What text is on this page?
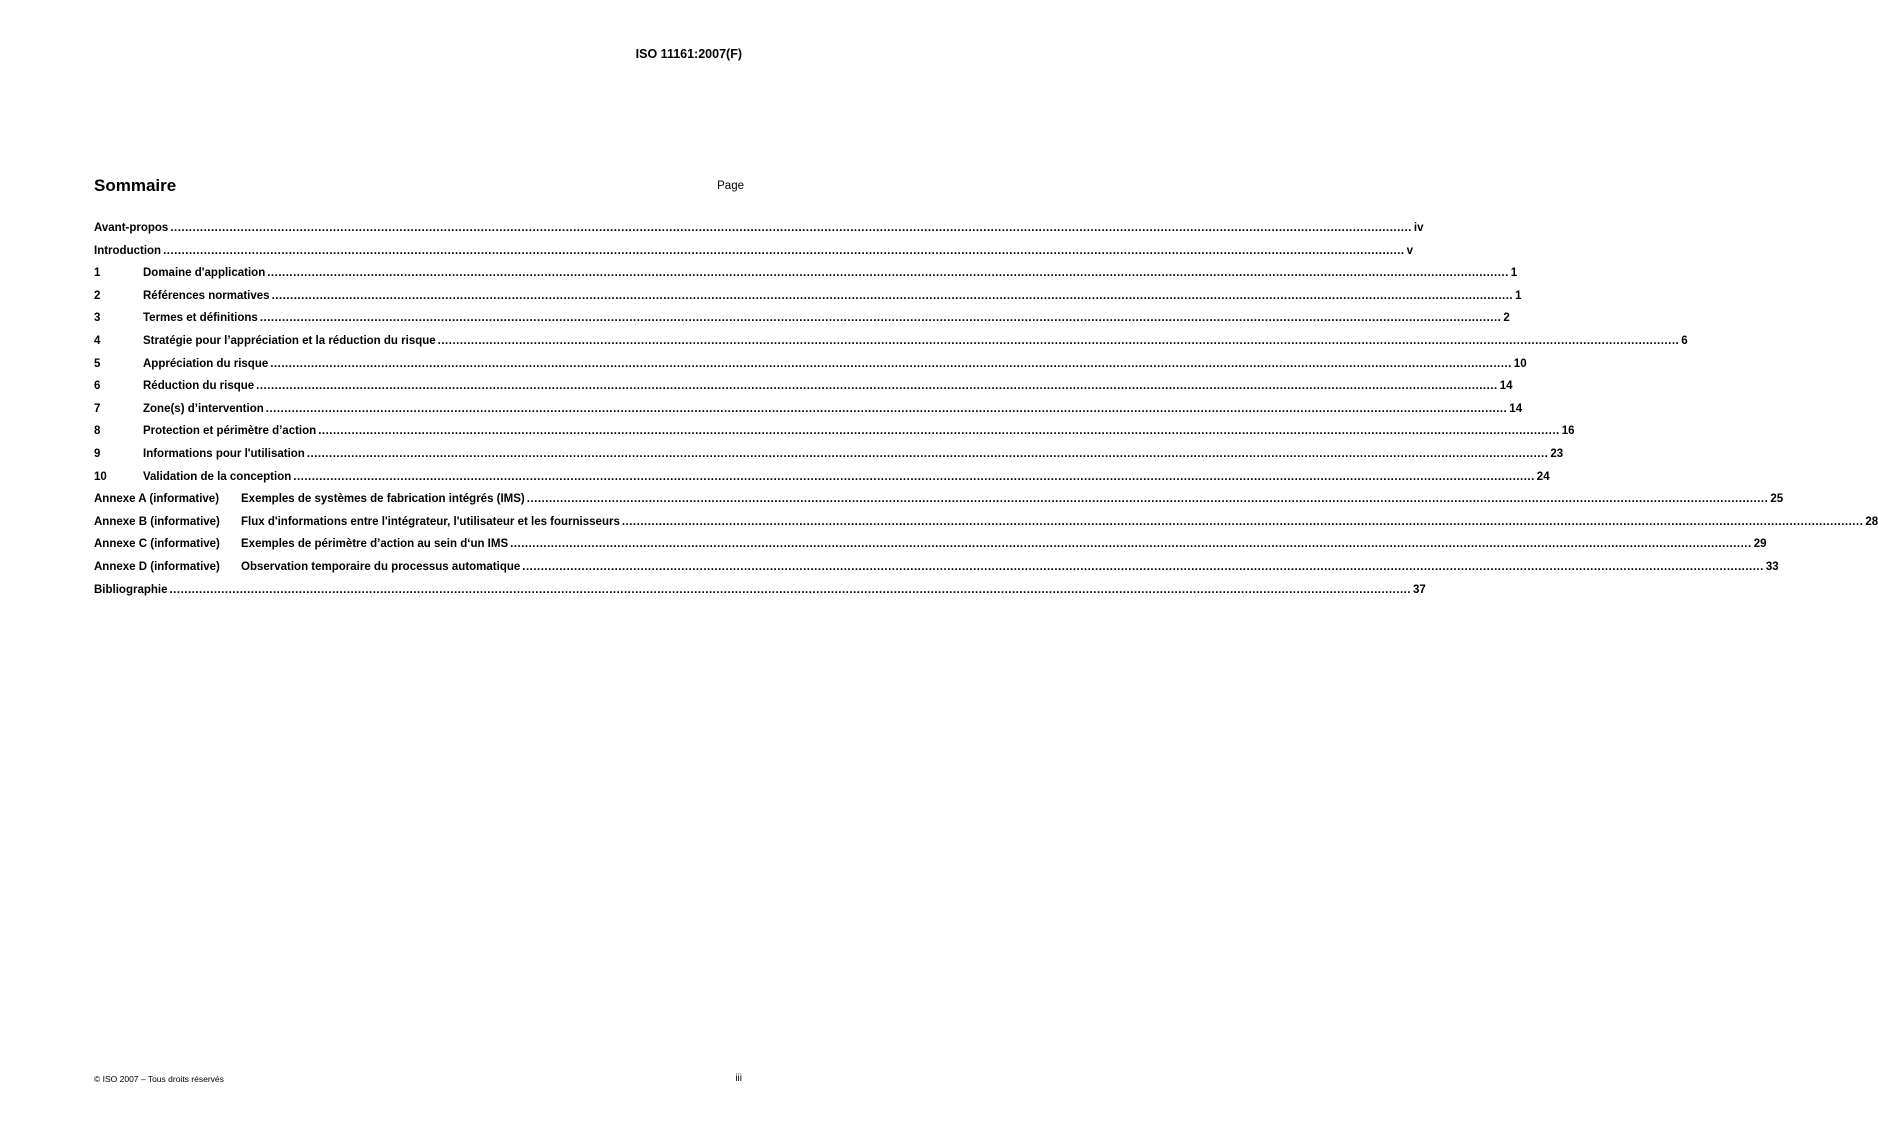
ISO 11161:2007(F)
Sommaire	Page
Avant-propos .....	iv
Introduction .....	v
1	Domaine d'application .....	1
2	Références normatives .....	1
3	Termes et définitions .....	2
4	Stratégie pour l’appréciation et la réduction du risque .....	6
5	Appréciation du risque .....	10
6	Réduction du risque .....	14
7	Zone(s) d’intervention .....	14
8	Protection et périmètre d’action .....	16
9	Informations pour l'utilisation .....	23
10	Validation de la conception .....	24
Annexe A (informative)	Exemples de systèmes de fabrication intégrés (IMS) .....	25
Annexe B (informative)	Flux d'informations entre l'intégrateur, l'utilisateur et les fournisseurs .....	28
Annexe C (informative)	Exemples de périmètre d’action au sein d‘un IMS .....	29
Annexe D (informative)	Observation temporaire du processus automatique .....	33
Bibliographie .....	37
© ISO 2007 – Tous droits réservés	iii
